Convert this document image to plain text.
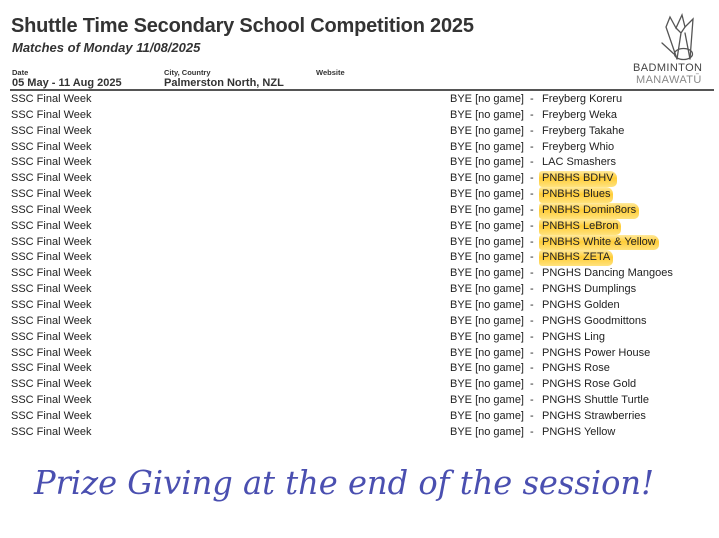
Shuttle Time Secondary School Competition 2025
Matches of Monday 11/08/2025
Date
05 May - 11 Aug 2025
City, Country
Palmerston North, NZL
Website	BADMINTON
MANAWATŪ
SSC Final Week	BYE [no game] - Freyberg Koreru
SSC Final Week	BYE [no game] - Freyberg Weka
SSC Final Week	BYE [no game] - Freyberg Takahe
SSC Final Week	BYE [no game] - Freyberg Whio
SSC Final Week	BYE [no game] - LAC Smashers
SSC Final Week	BYE [no game] - PNBHS BDHV
SSC Final Week	BYE [no game] - PNBHS Blues
SSC Final Week	BYE [no game] - PNBHS Domin8ors
SSC Final Week	BYE [no game] - PNBHS LeBron
SSC Final Week	BYE [no game] - PNBHS White & Yellow
SSC Final Week	BYE [no game] - PNBHS ZETA
SSC Final Week	BYE [no game] - PNGHS Dancing Mangoes
SSC Final Week	BYE [no game] - PNGHS Dumplings
SSC Final Week	BYE [no game] - PNGHS Golden
SSC Final Week	BYE [no game] - PNGHS Goodmittons
SSC Final Week	BYE [no game] - PNGHS Ling
SSC Final Week	BYE [no game] - PNGHS Power House
SSC Final Week	BYE [no game] - PNGHS Rose
SSC Final Week	BYE [no game] - PNGHS Rose Gold
SSC Final Week	BYE [no game] - PNGHS Shuttle Turtle
SSC Final Week	BYE [no game] - PNGHS Strawberries
SSC Final Week	BYE [no game] - PNGHS Yellow
Prize Giving at the end of the session!
